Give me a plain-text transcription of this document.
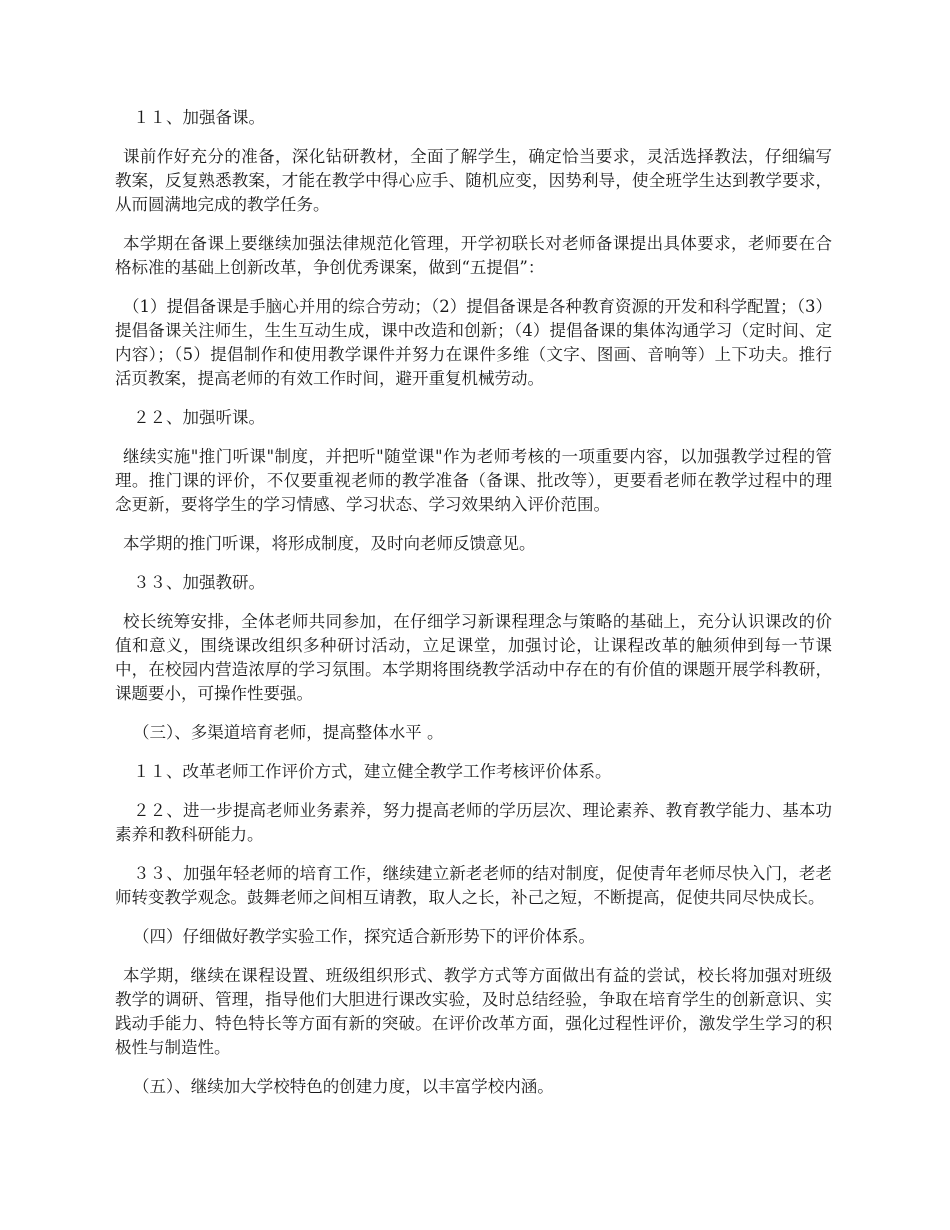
１１、加强备课。

课前作好充分的准备，深化钻研教材，全面了解学生，确定恰当要求，灵活选择教法，仔细编写教案，反复熟悉教案，才能在教学中得心应手、随机应变，因势利导，使全班学生达到教学要求，从而圆满地完成的教学任务。

本学期在备课上要继续加强法律规范化管理，开学初联长对老师备课提出具体要求，老师要在合格标准的基础上创新改革，争创优秀课案，做到“五提倡”：

（1）提倡备课是手脑心并用的综合劳动；（2）提倡备课是各种教育资源的开发和科学配置；（3）提倡备课关注师生，生生互动生成，课中改造和创新；（4）提倡备课的集体沟通学习（定时间、定内容）；（5）提倡制作和使用教学课件并努力在课件多维（文字、图画、音响等）上下功夫。推行活页教案，提高老师的有效工作时间，避开重复机械劳动。

２２、加强听课。

继续实施"推门听课"制度，并把听"随堂课"作为老师考核的一项重要内容，以加强教学过程的管理。推门课的评价，不仅要重视老师的教学准备（备课、批改等），更要看老师在教学过程中的理念更新，要将学生的学习情感、学习状态、学习效果纳入评价范围。

本学期的推门听课，将形成制度，及时向老师反馈意见。

３３、加强教研。

校长统筹安排，全体老师共同参加，在仔细学习新课程理念与策略的基础上，充分认识课改的价值和意义，围绕课改组织多种研讨活动，立足课堂，加强讨论，让课程改革的触须伸到每一节课中，在校园内营造浓厚的学习氛围。本学期将围绕教学活动中存在的有价值的课题开展学科教研，课题要小，可操作性要强。

（三）、多渠道培育老师，提高整体水平 。

１１、改革老师工作评价方式，建立健全教学工作考核评价体系。

２２、进一步提高老师业务素养，努力提高老师的学历层次、理论素养、教育教学能力、基本功素养和教科研能力。

３３、加强年轻老师的培育工作，继续建立新老老师的结对制度，促使青年老师尽快入门，老老师转变教学观念。鼓舞老师之间相互请教，取人之长，补己之短，不断提高，促使共同尽快成长。

（四）仔细做好教学实验工作，探究适合新形势下的评价体系。

本学期，继续在课程设置、班级组织形式、教学方式等方面做出有益的尝试，校长将加强对班级教学的调研、管理，指导他们大胆进行课改实验，及时总结经验，争取在培育学生的创新意识、实践动手能力、特色特长等方面有新的突破。在评价改革方面，强化过程性评价，激发学生学习的积极性与制造性。

（五）、继续加大学校特色的创建力度，以丰富学校内涵。
